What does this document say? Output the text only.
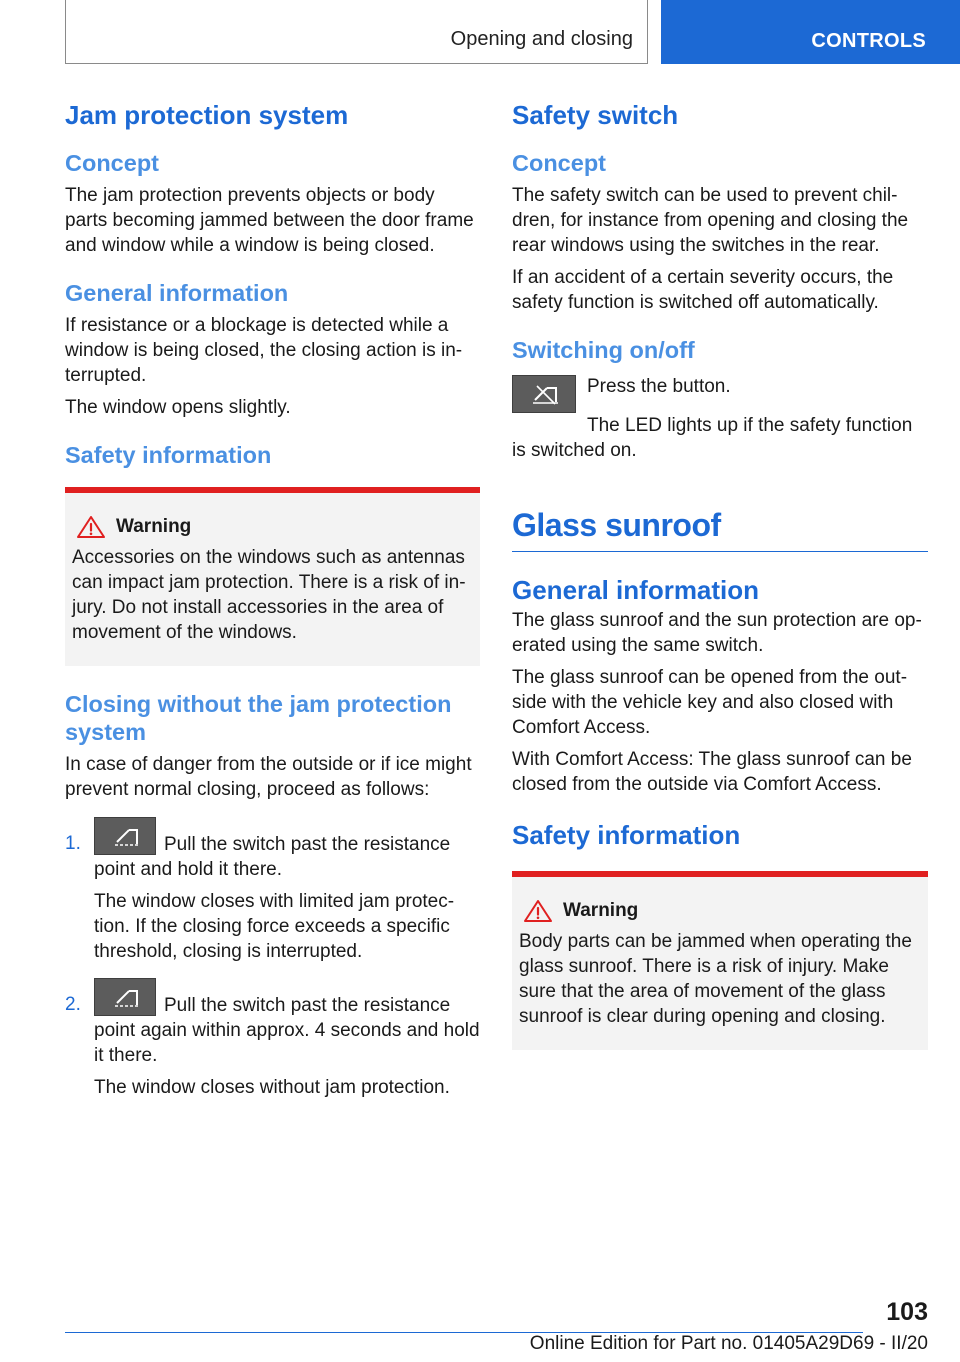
Opening and closing	CONTROLS
Jam protection system
Concept

The jam protection prevents objects or body parts becoming jammed between the door frame and window while a window is being closed.

General information

If resistance or a blockage is detected while a window is being closed, the closing action is in-terrupted.

The window opens slightly.

Safety information
Warning

Accessories on the windows such as antennas can impact jam protection. There is a risk of in-jury. Do not install accessories in the area of movement of the windows.

Closing without the jam protection system

In case of danger from the outside or if ice might prevent normal closing, proceed as follows:

1.	Pull the switch past the resistance point and hold it there.

The window closes with limited jam protec-tion. If the closing force exceeds a specific threshold, closing is interrupted.

2.	Pull the switch past the resistance point again within approx. 4 seconds and hold it there.

The window closes without jam protection.

Safety switch
Concept

The safety switch can be used to prevent chil-dren, for instance from opening and closing the rear windows using the switches in the rear.

If an accident of a certain severity occurs, the safety function is switched off automatically.

Switching on/off

Press the button.

The LED lights up if the safety function is switched on.

Glass sunroof
General information

The glass sunroof and the sun protection are op-erated using the same switch.

The glass sunroof can be opened from the out-side with the vehicle key and also closed with Comfort Access.

With Comfort Access: The glass sunroof can be closed from the outside via Comfort Access.

Safety information
Warning

Body parts can be jammed when operating the glass sunroof. There is a risk of injury. Make sure that the area of movement of the glass sunroof is clear during opening and closing.

103
Online Edition for Part no. 01405A29D69 - II/20
